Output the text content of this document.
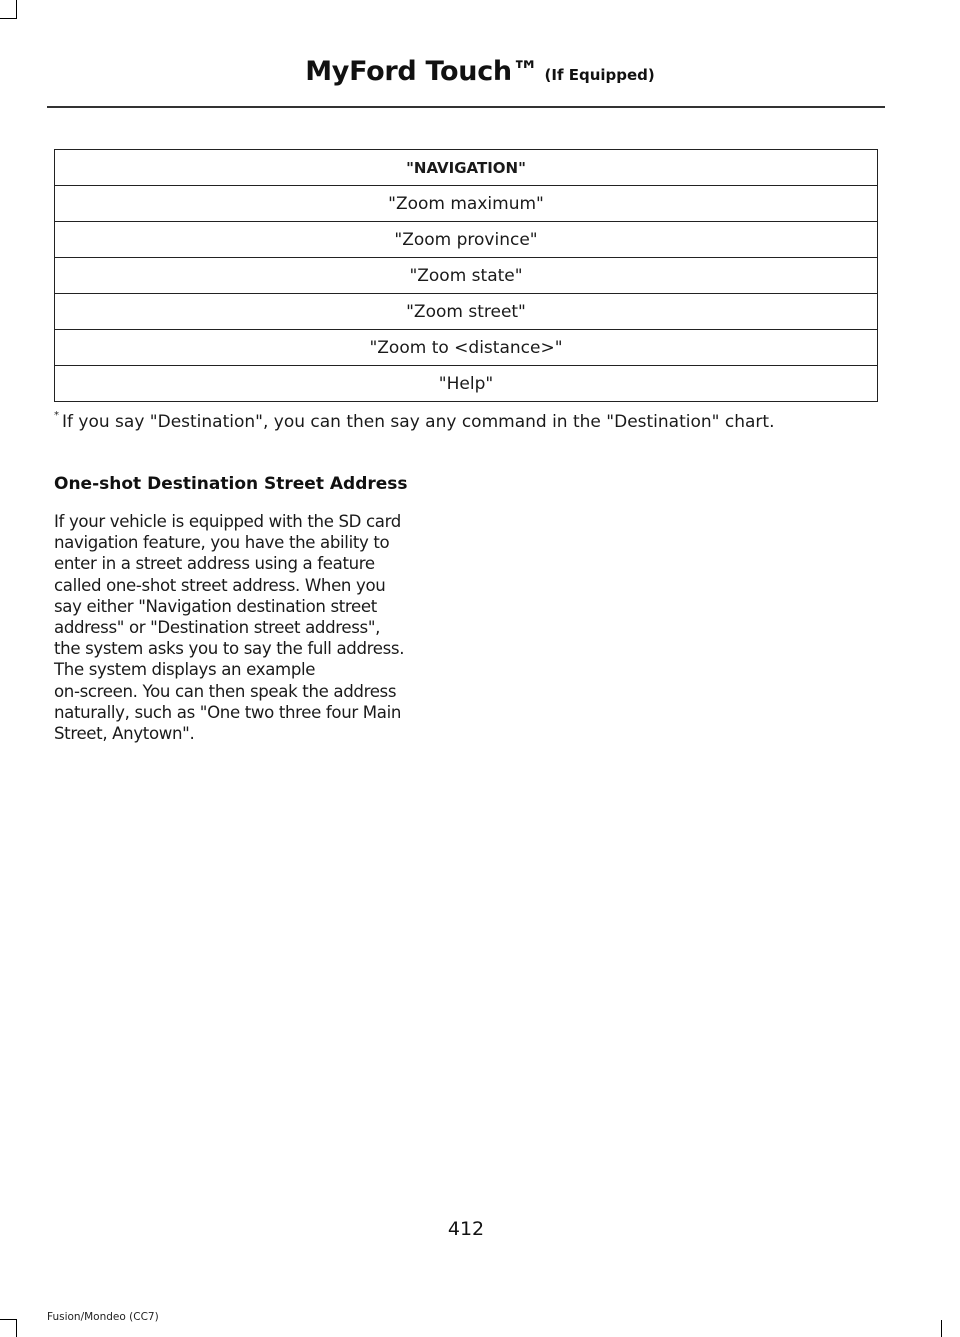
MyFord Touch™ (If Equipped)
"NAVIGATION"
"Zoom maximum"
"Zoom province"
"Zoom state"
"Zoom street"
"Zoom to <distance>"
"Help"
* If you say "Destination", you can then say any command in the "Destination" chart.
One-shot Destination Street Address
If your vehicle is equipped with the SD card
navigation feature, you have the ability to
enter in a street address using a feature
called one-shot street address. When you
say either "Navigation destination street
address" or "Destination street address",
the system asks you to say the full address.
The system displays an example
on-screen. You can then speak the address
naturally, such as "One two three four Main
Street, Anytown".
412
Fusion/Mondeo (CC7)
